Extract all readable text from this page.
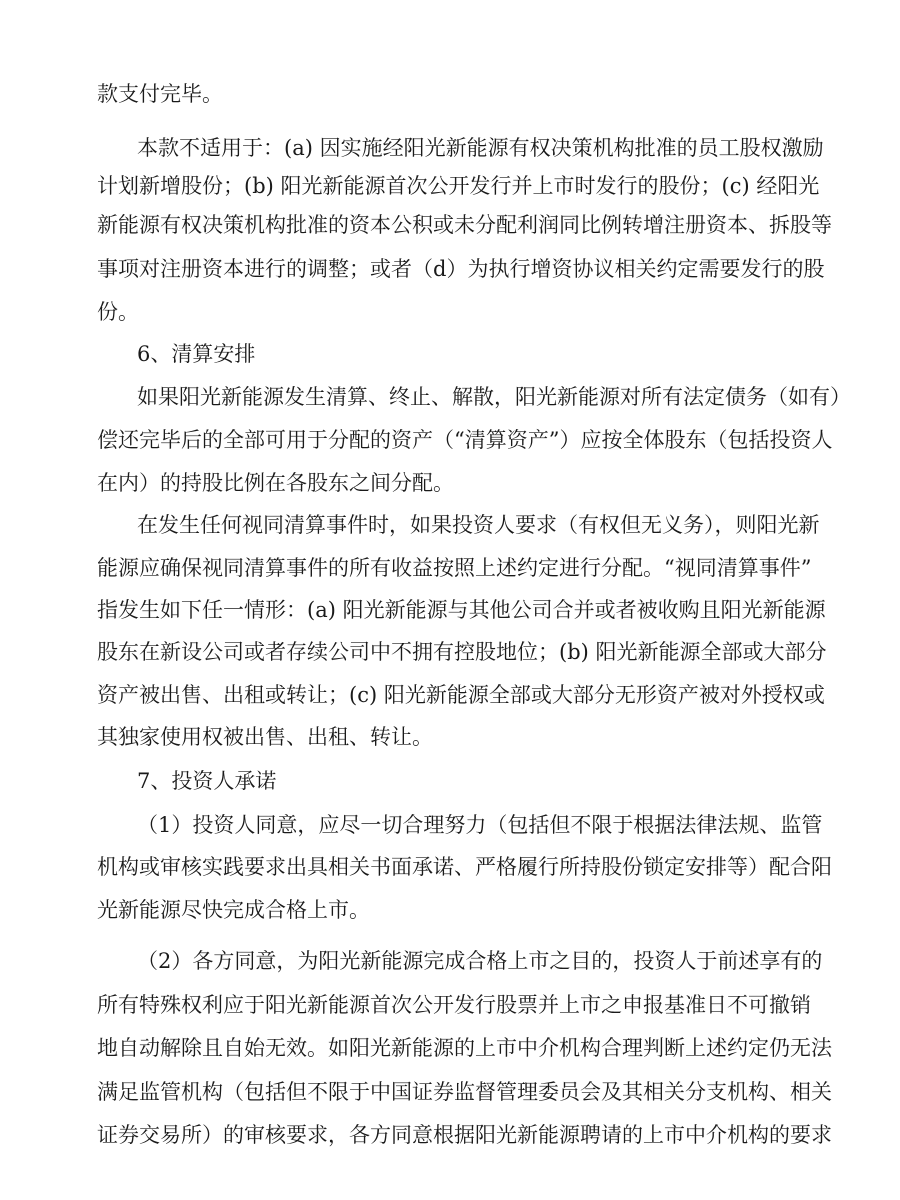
款支付完毕。
本款不适用于：(a) 因实施经阳光新能源有权决策机构批准的员工股权激励
计划新增股份；(b) 阳光新能源首次公开发行并上市时发行的股份；(c) 经阳光
新能源有权决策机构批准的资本公积或未分配利润同比例转增注册资本、拆股等
事项对注册资本进行的调整；或者（d）为执行增资协议相关约定需要发行的股
份。
6、清算安排
如果阳光新能源发生清算、终止、解散，阳光新能源对所有法定债务（如有）
偿还完毕后的全部可用于分配的资产（“清算资产”）应按全体股东（包括投资人
在内）的持股比例在各股东之间分配。
在发生任何视同清算事件时，如果投资人要求（有权但无义务），则阳光新
能源应确保视同清算事件的所有收益按照上述约定进行分配。“视同清算事件”
指发生如下任一情形：(a) 阳光新能源与其他公司合并或者被收购且阳光新能源
股东在新设公司或者存续公司中不拥有控股地位；(b) 阳光新能源全部或大部分
资产被出售、出租或转让；(c) 阳光新能源全部或大部分无形资产被对外授权或
其独家使用权被出售、出租、转让。
7、投资人承诺
（1）投资人同意，应尽一切合理努力（包括但不限于根据法律法规、监管
机构或审核实践要求出具相关书面承诺、严格履行所持股份锁定安排等）配合阳
光新能源尽快完成合格上市。
（2）各方同意，为阳光新能源完成合格上市之目的，投资人于前述享有的
所有特殊权利应于阳光新能源首次公开发行股票并上市之申报基准日不可撤销
地自动解除且自始无效。如阳光新能源的上市中介机构合理判断上述约定仍无法
满足监管机构（包括但不限于中国证券监督管理委员会及其相关分支机构、相关
证券交易所）的审核要求，各方同意根据阳光新能源聘请的上市中介机构的要求
